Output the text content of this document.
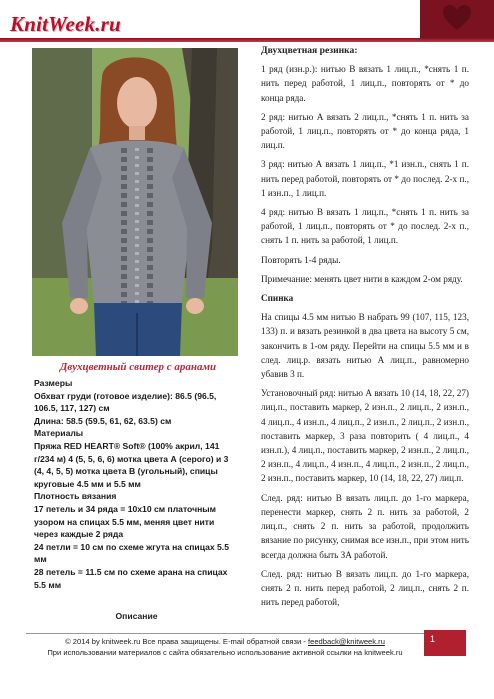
KnitWeek.ru
Двухцветный свитер с аранами

Размеры

Обхват груди (готовое изделие): 86.5 (96.5, 106.5, 117, 127) см

Длина: 58.5 (59.5, 61, 62, 63.5) см

Материалы

Пряжа RED HEART® Soft® (100% акрил, 141 г/234 м) 4 (5, 5, 6, 6) мотка цвета А (серого) и 3 (4, 4, 5, 5) мотка цвета В (угольный), спицы круговые 4.5 мм и 5.5 мм

Плотность вязания

17 петель и 34 ряда = 10х10 см платочным узором на спицах 5.5 мм, меняя цвет нити через каждые 2 ряда

24 петли = 10 см по схеме жгута на спицах 5.5 мм

28 петель = 11.5 см по схеме арана на спицах 5.5 мм

Описание

Двухцветная резинка:

1 ряд (изн.р.): нитью В вязать 1 лиц.п., *снять 1 п. нить перед работой, 1 лиц.п., повторять от * до конца ряда.

2 ряд: нитью А вязать 2 лиц.п., *снять 1 п. нить за работой, 1 лиц.п., повторять от * до конца ряда, 1 лиц.п.

3 ряд: нитью А вязать 1 лиц.п., *1 изн.п., снять 1 п. нить перед работой, повторять от * до послед. 2-х п., 1 изн.п., 1 лиц.п.

4 ряд: нитью В вязать 1 лиц.п., *снять 1 п. нить за работой, 1 лиц.п., повторять от * до послед. 2-х п., снять 1 п. нить за работой, 1 лиц.п.

Повторять 1-4 ряды.

Примечание: менять цвет нити в каждом 2-ом ряду.

Спинка

На спицы 4.5 мм нитью В набрать 99 (107, 115, 123, 133) п. и вязать резинкой в два цвета на высоту 5 см, закончить в 1-ом ряду. Перейти на спицы 5.5 мм и в след. лиц.р. вязать нитью А лиц.п., равномерно убавив 3 п.

Установочный ряд: нитью А вязать 10 (14, 18, 22, 27) лиц.п., поставить маркер, 2 изн.п., 2 лиц.п., 2 изн.п., 4 лиц.п., 4 изн.п., 4 лиц.п., 2 изн.п., 2 лиц.п., 2 изн.п., поставить маркер, 3 раза повторить ( 4 лиц.п., 4 изн.п.), 4 лиц.п., поставить маркер, 2 изн.п., 2 лиц.п., 2 изн.п., 4 лиц.п., 4 изн.п., 4 лиц.п., 2 изн.п., 2 лиц.п., 2 изн.п., поставить маркер, 10 (14, 18, 22, 27) лиц.п.

След. ряд: нитью В вязать лиц.п. до 1-го маркера, перенести маркер, снять 2 п. нить за работой, 2 лиц.п., снять 2 п. нить за работой, продолжить вязание по рисунку, снимая все изн.п., при этом нить всегда должна быть ЗА работой.

След. ряд: нитью В вязать лиц.п. до 1-го маркера, снять 2 п. нить перед работой, 2 лиц.п., снять 2 п. нить перед работой,

© 2014 by knitweek.ru Все права защищены. E-mail обратной связи - feedback@knitweek.ru
При использовании материалов с сайта обязательно использование активной ссылки на knitweek.ru
1
